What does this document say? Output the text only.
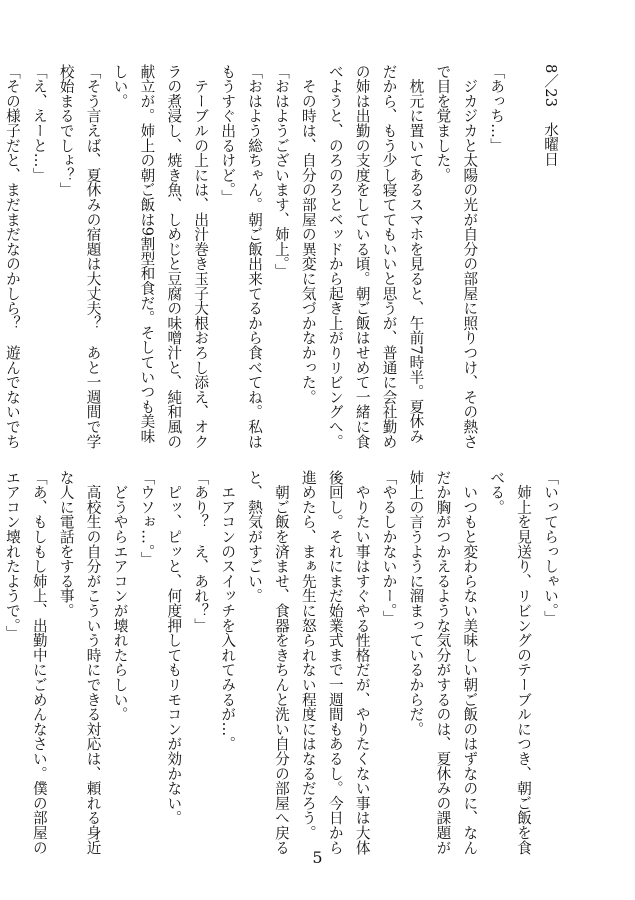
8／23　水曜日

「あっち…」
　ジカジカと太陽の光が自分の部屋に照りつけ、その熱さ
で目を覚ました。
　枕元に置いてあるスマホを見ると、午前7時半。夏休み
だから、もう少し寝ててもいいと思うが、普通に会社勤め
の姉は出勤の支度をしている頃。朝ご飯はせめて一緒に食
べようと、のろのろとベッドから起き上がりリビングへ。
　その時は、自分の部屋の異変に気づかなかった。
「おはようございます、姉上。」
「おはよう総ちゃん。朝ご飯出来てるから食べてね。私は
もうすぐ出るけど。」
　テーブルの上には、出汁巻き玉子大根おろし添え、オク
ラの煮浸し、焼き魚、しめじと豆腐の味噌汁と、純和風の
献立が。姉上の朝ご飯は9割型和食だ。そしていつも美味
しい。
「そう言えば、夏休みの宿題は大丈夫？　あと一週間で学
校始まるでしょ？」
「え、えーと…」
「その様子だと、まだまだなのかしら？　遊んでないでち
「いってらっしゃい。」
　姉上を見送り、リビングのテーブルにつき、朝ご飯を食
べる。
　いつもと変わらない美味しい朝ご飯のはずなのに、なん
だか胸がつかえるような気分がするのは、夏休みの課題が
姉上の言うように溜まっているからだ。
「やるしかないかー。」
　やりたい事はすぐやる性格だが、やりたくない事は大体
後回し。それにまだ始業式まで一週間もあるし。今日から
進めたら、まぁ先生に怒られない程度にはなるだろう。
　朝ご飯を済ませ、食器をきちんと洗い自分の部屋へ戻る
と、熱気がすごい。
　エアコンのスイッチを入れてみるが…。
「あり？　え、あれ？」
　ピッ、ピッと、何度押してもリモコンが効かない。
「ウソぉ…。」
　どうやらエアコンが壊れたらしい。
　高校生の自分がこういう時にできる対応は、頼れる身近
な人に電話をする事。
「あ、もしもし姉上、出勤中にごめんなさい。僕の部屋の
エアコン壊れたようで。」
5
